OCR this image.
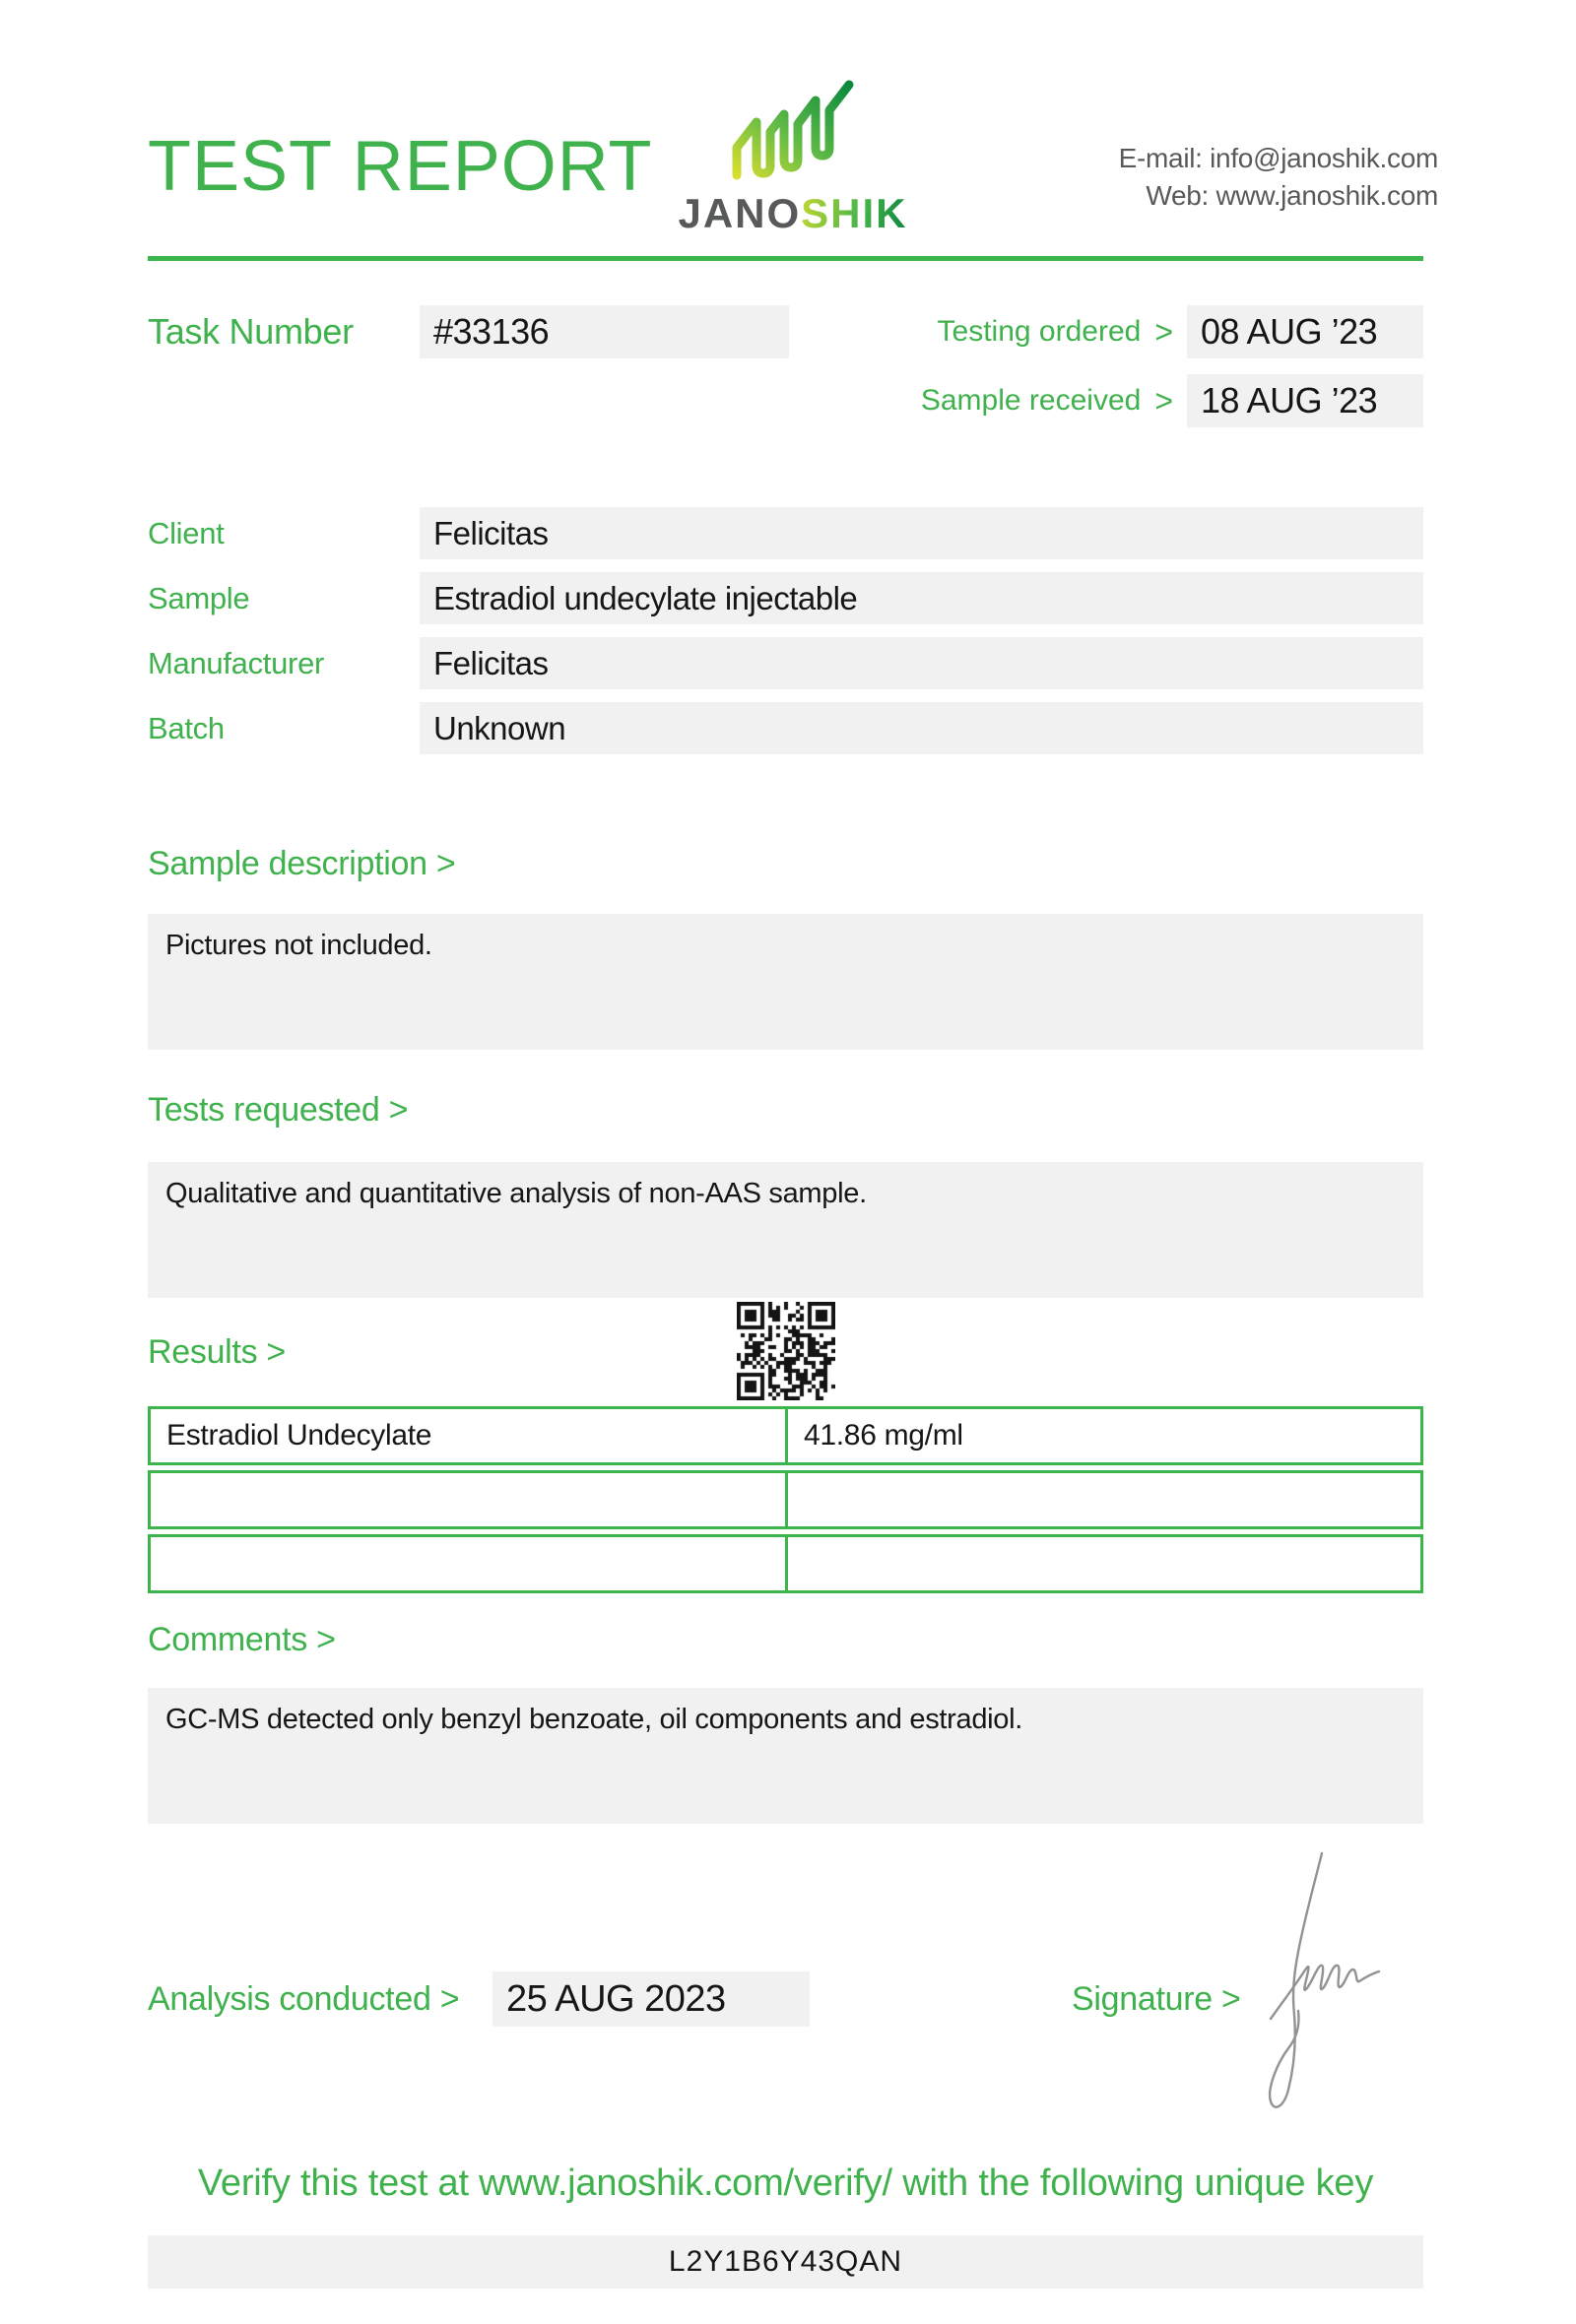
TEST REPORT
JANOSHIK
E-mail: info@janoshik.com
Web: www.janoshik.com
Task Number #33136	Testing ordered > 08 AUG ’23
Sample received > 18 AUG ’23
Client	Felicitas
Sample	Estradiol undecylate injectable
Manufacturer	Felicitas
Batch	Unknown
Sample description >
Pictures not included.
Tests requested >
Qualitative and quantitative analysis of non-AAS sample.
Results >
Estradiol Undecylate	41.86 mg/ml
Comments >
GC-MS detected only benzyl benzoate, oil components and estradiol.
Analysis conducted > 25 AUG 2023	Signature >
Verify this test at www.janoshik.com/verify/ with the following unique key
L2Y1B6Y43QAN
